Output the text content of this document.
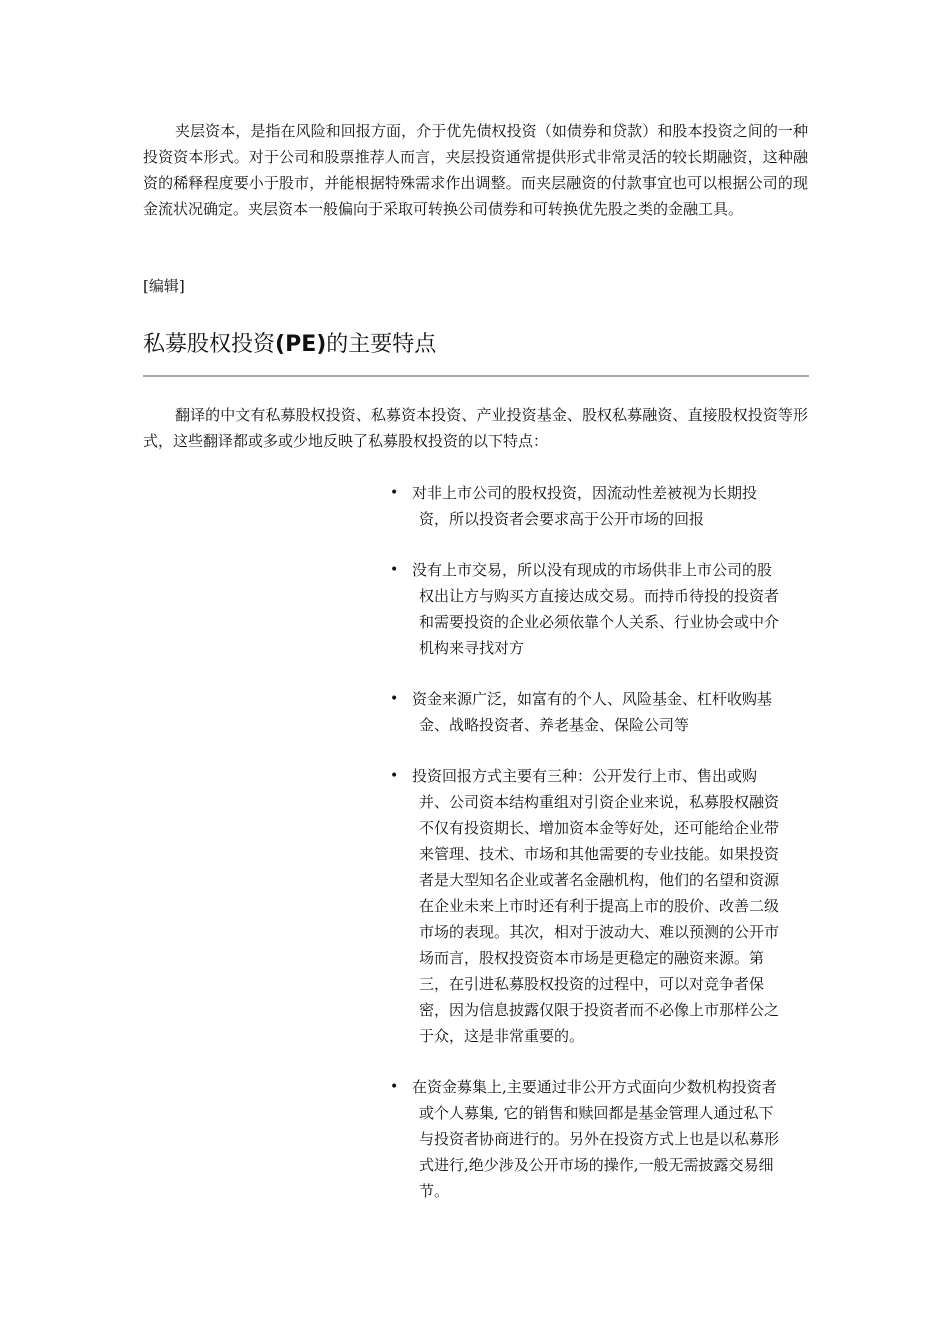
夹层资本，是指在风险和回报方面，介于优先债权投资（如债券和贷款）和股本投资之间的一种投资资本形式。对于公司和股票推荐人而言，夹层投资通常提供形式非常灵活的较长期融资，这种融资的稀释程度要小于股市，并能根据特殊需求作出调整。而夹层融资的付款事宜也可以根据公司的现金流状况确定。夹层资本一般偏向于采取可转换公司债券和可转换优先股之类的金融工具。

[编辑]
私募股权投资(PE)的主要特点

翻译的中文有私募股权投资、私募资本投资、产业投资基金、股权私募融资、直接股权投资等形式，这些翻译都或多或少地反映了私募股权投资的以下特点：

• 对非上市公司的股权投资，因流动性差被视为长期投资，所以投资者会要求高于公开市场的回报
• 没有上市交易，所以没有现成的市场供非上市公司的股权出让方与购买方直接达成交易。而持币待投的投资者和需要投资的企业必须依靠个人关系、行业协会或中介机构来寻找对方
• 资金来源广泛，如富有的个人、风险基金、杠杆收购基金、战略投资者、养老基金、保险公司等
• 投资回报方式主要有三种：公开发行上市、售出或购并、公司资本结构重组对引资企业来说，私募股权融资不仅有投资期长、增加资本金等好处，还可能给企业带来管理、技术、市场和其他需要的专业技能。如果投资者是大型知名企业或著名金融机构，他们的名望和资源在企业未来上市时还有利于提高上市的股价、改善二级市场的表现。其次，相对于波动大、难以预测的公开市场而言，股权投资资本市场是更稳定的融资来源。第三，在引进私募股权投资的过程中，可以对竞争者保密，因为信息披露仅限于投资者而不必像上市那样公之于众，这是非常重要的。
• 在资金募集上,主要通过非公开方式面向少数机构投资者或个人募集, 它的销售和赎回都是基金管理人通过私下与投资者协商进行的。另外在投资方式上也是以私募形式进行,绝少涉及公开市场的操作,一般无需披露交易细节。
